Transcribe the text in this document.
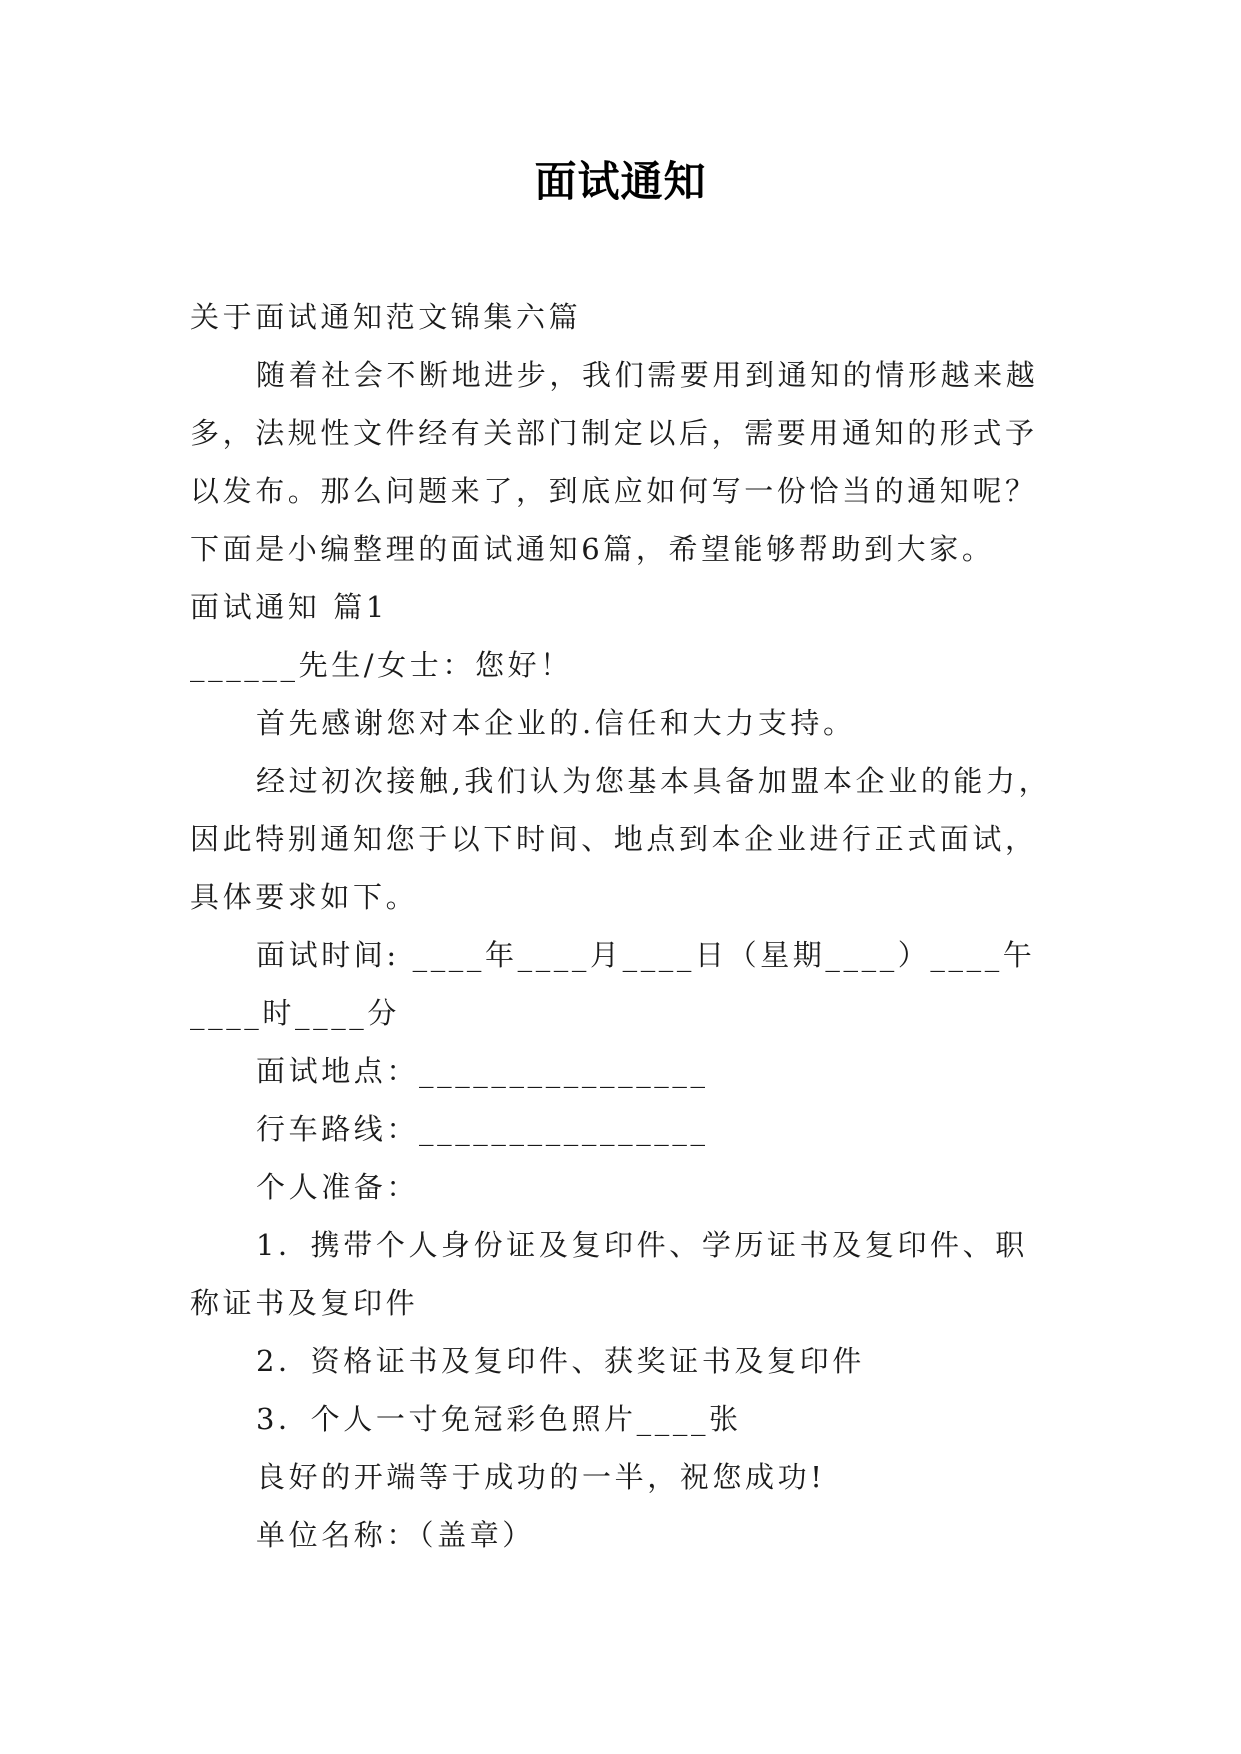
面试通知

关于面试通知范文锦集六篇

随着社会不断地进步，我们需要用到通知的情形越来越多，法规性文件经有关部门制定以后，需要用通知的形式予以发布。那么问题来了，到底应如何写一份恰当的通知呢？下面是小编整理的面试通知6篇，希望能够帮助到大家。

面试通知 篇1

______先生/女士：您好！

首先感谢您对本企业的.信任和大力支持。

经过初次接触,我们认为您基本具备加盟本企业的能力，因此特别通知您于以下时间、地点到本企业进行正式面试，具体要求如下。

面试时间: ____年____月____日（星期____）____午____时____分

面试地点：________________

行车路线：________________

个人准备：

1．携带个人身份证及复印件、学历证书及复印件、职称证书及复印件

2．资格证书及复印件、获奖证书及复印件

3．个人一寸免冠彩色照片____张

良好的开端等于成功的一半，祝您成功!

单位名称：（盖章）
